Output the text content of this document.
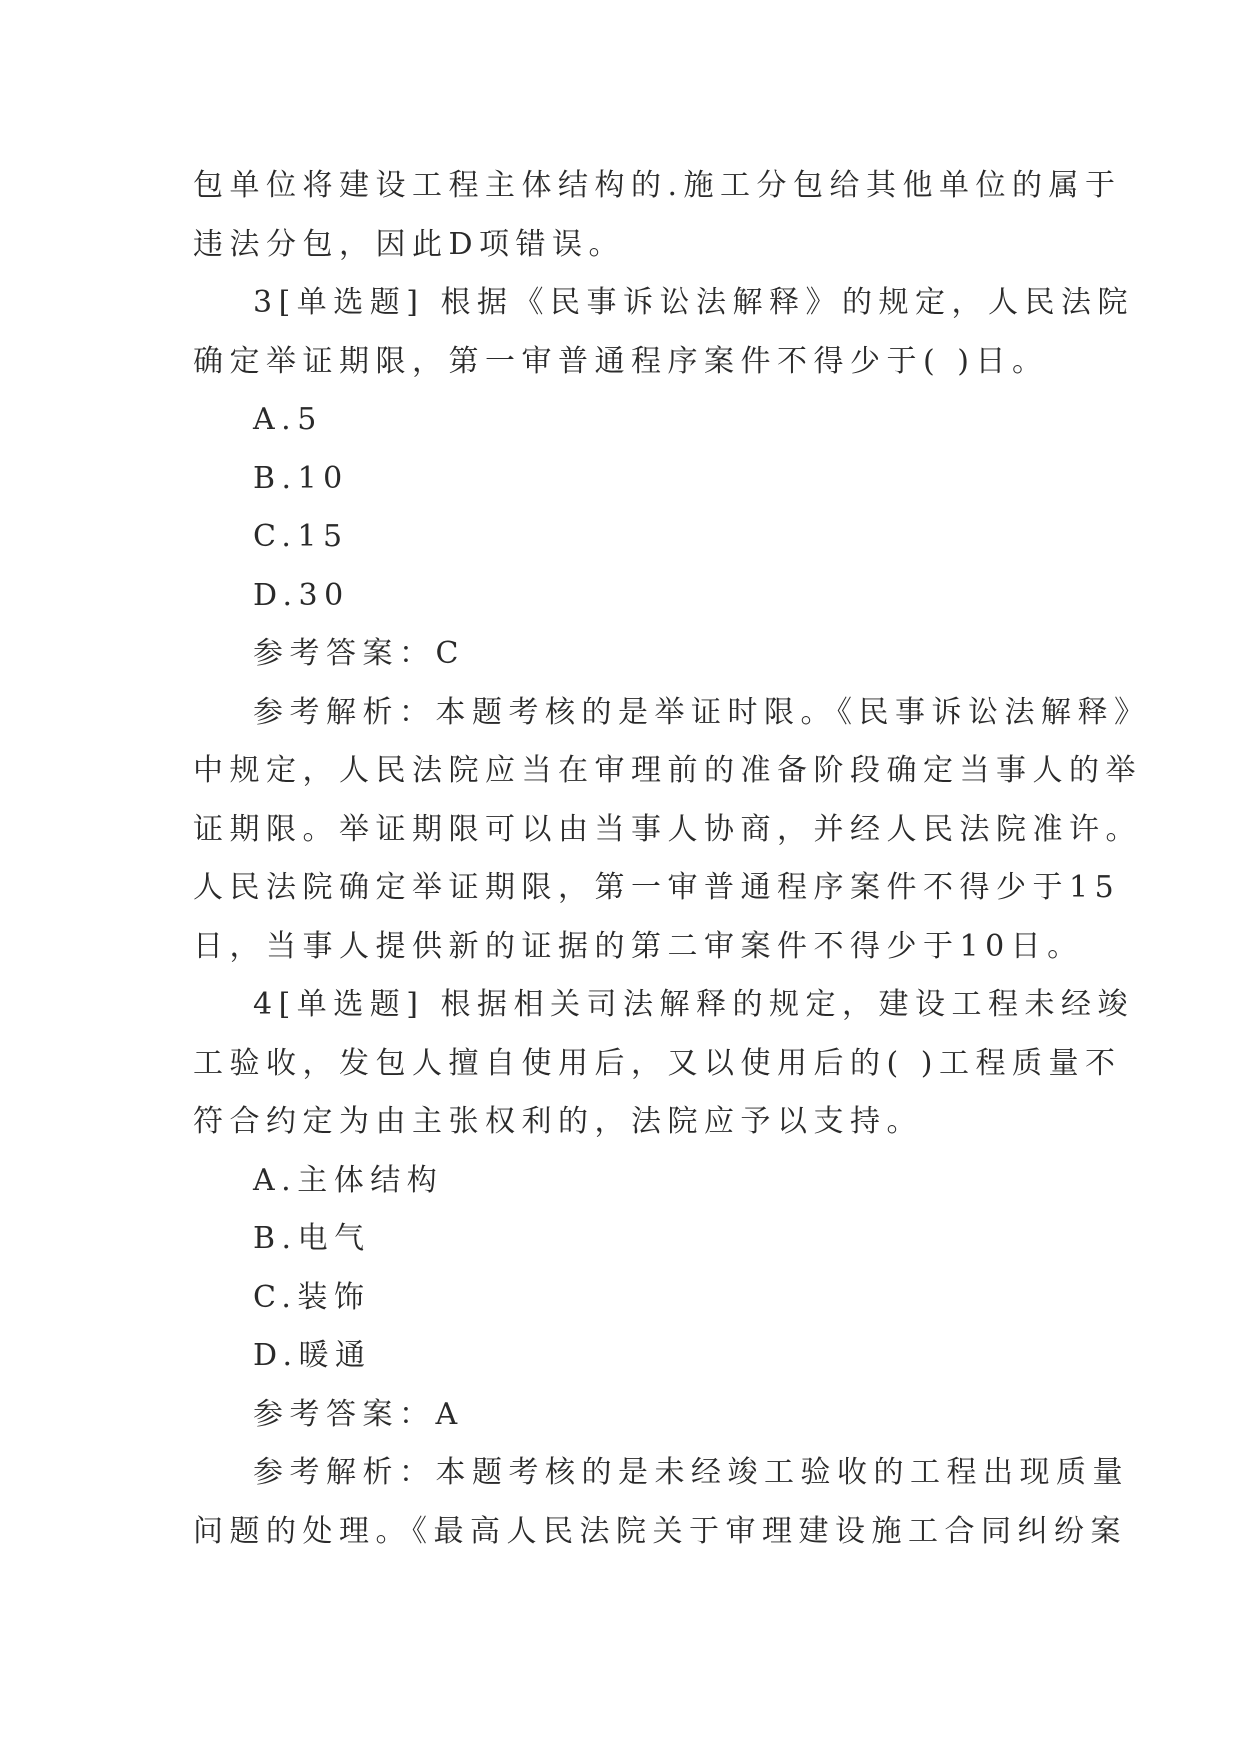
包单位将建设工程主体结构的.施工分包给其他单位的属于

违法分包，因此D项错误。

3[单选题] 根据《民事诉讼法解释》的规定，人民法院

确定举证期限，第一审普通程序案件不得少于( )日。

A.5

B.10

C.15

D.30

参考答案：C

参考解析：本题考核的是举证时限。《民事诉讼法解释》

中规定，人民法院应当在审理前的准备阶段确定当事人的举

证期限。举证期限可以由当事人协商，并经人民法院准许。

人民法院确定举证期限，第一审普通程序案件不得少于15

日，当事人提供新的证据的第二审案件不得少于10日。

4[单选题] 根据相关司法解释的规定，建设工程未经竣

工验收，发包人擅自使用后，又以使用后的( )工程质量不

符合约定为由主张权利的，法院应予以支持。

A.主体结构

B.电气

C.装饰

D.暖通

参考答案：A

参考解析：本题考核的是未经竣工验收的工程出现质量

问题的处理。《最高人民法院关于审理建设施工合同纠纷案
